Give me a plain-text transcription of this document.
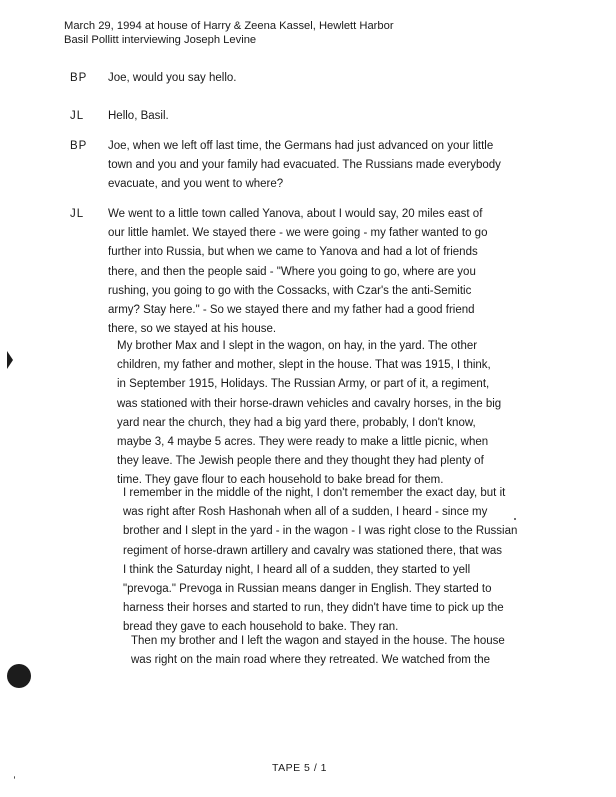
March 29, 1994 at house of Harry & Zeena Kassel, Hewlett Harbor
Basil Pollitt interviewing Joseph Levine
BP Joe, would you say hello.
JL Hello, Basil.
BP Joe, when we left off last time, the Germans had just advanced on your little
town and you and your family had evacuated. The Russians made everybody
evacuate, and you went to where?
JL We went to a little town called Yanova, about I would say, 20 miles east of
our little hamlet. We stayed there - we were going - my father wanted to go
further into Russia, but when we came to Yanova and had a lot of friends
there, and then the people said - "Where you going to go, where are you
rushing, you going to go with the Cossacks, with Czar's the anti-Semitic
army? Stay here." - So we stayed there and my father had a good friend
there, so we stayed at his house.
My brother Max and I slept in the wagon, on hay, in the yard. The other
children, my father and mother, slept in the house. That was 1915, I think,
in September 1915, Holidays. The Russian Army, or part of it, a regiment,
was stationed with their horse-drawn vehicles and cavalry horses, in the big
yard near the church, they had a big yard there, probably, I don't know,
maybe 3, 4 maybe 5 acres. They were ready to make a little picnic, when
they leave. The Jewish people there and they thought they had plenty of
time. They gave flour to each household to bake bread for them.
I remember in the middle of the night, I don't remember the exact day, but it
was right after Rosh Hashonah when all of a sudden, I heard - since my
brother and I slept in the yard - in the wagon - I was right close to the Russian
regiment of horse-drawn artillery and cavalry was stationed there, that was
I think the Saturday night, I heard all of a sudden, they started to yell
"prevoga." Prevoga in Russian means danger in English. They started to
harness their horses and started to run, they didn't have time to pick up the
bread they gave to each household to bake. They ran.
Then my brother and I left the wagon and stayed in the house. The house
was right on the main road where they retreated. We watched from the
TAPE 5 / 1
